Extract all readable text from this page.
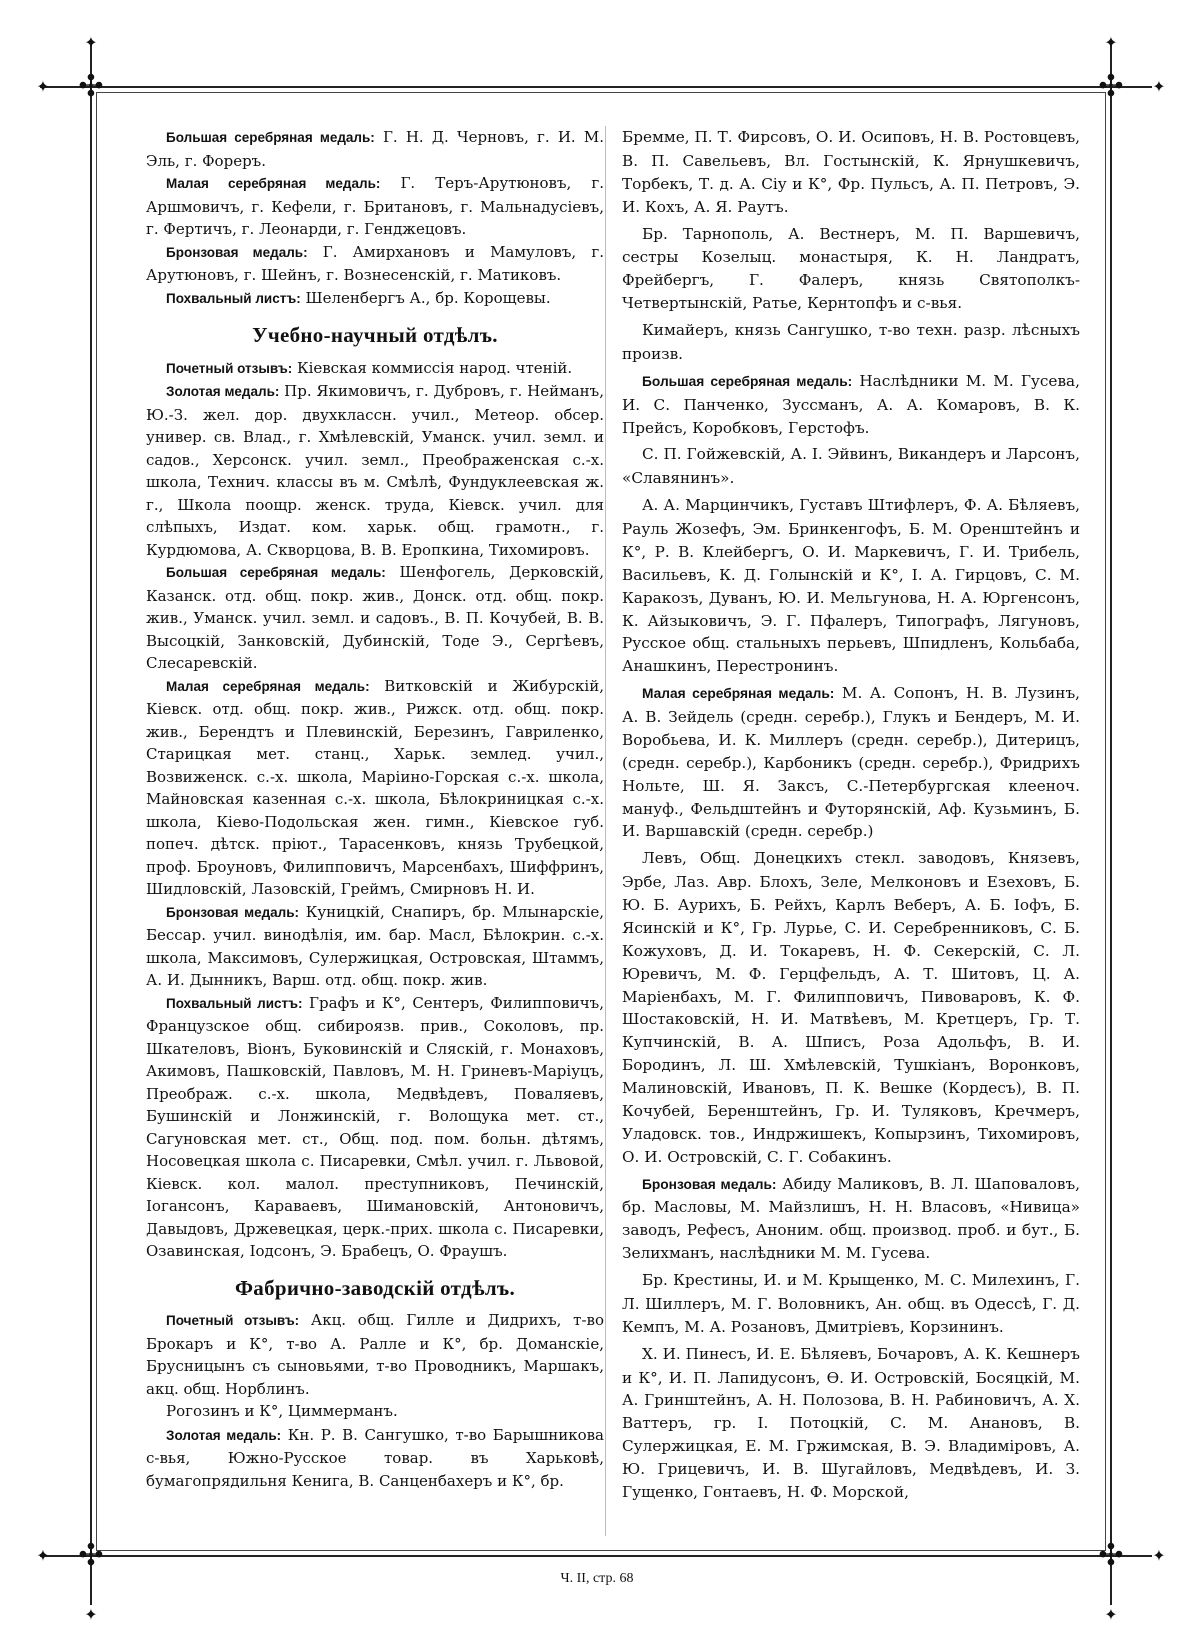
✣	✣
✣	✣
✦	✦
✦	✦
✦	✦
✦	✦

Большая серебряная медаль: Г. Н. Д. Черновъ, г. И. М. Эль, г. Фореръ.

Малая серебряная медаль: Г. Теръ-Арутюновъ, г. Аршмовичъ, г. Кефели, г. Британовъ, г. Мальнадусiевъ, г. Фертичъ, г. Леонарди, г. Генджецовъ.

Бронзовая медаль: Г. Амирхановъ и Мамуловъ, г. Арутюновъ, г. Шейнъ, г. Вознесенскiй, г. Матиковъ.

Похвальный листъ: Шеленбергъ А., бр. Корощевы.

Учебно-научный отдѣлъ.

Почетный отзывъ: Кiевская коммиссiя народ. чтенiй.

Золотая медаль: Пр. Якимовичъ, г. Дубровъ, г. Нейманъ, Ю.-З. жел. дор. двухклассн. учил., Метеор. обсер. универ. св. Влад., г. Хмѣлевскiй, Уманск. учил. земл. и садов., Херсонск. учил. земл., Преображенская с.-х. школа, Технич. классы въ м. Смѣлѣ, Фундуклеевская ж. г., Школа поощр. женск. труда, Кiевск. учил. для слѣпыхъ, Издат. ком. харьк. общ. грамотн., г. Курдюмова, А. Скворцова, В. В. Еропкина, Тихомировъ.

Большая серебряная медаль: Шенфогель, Дерковскiй, Казанск. отд. общ. покр. жив., Донск. отд. общ. покр. жив., Уманск. учил. земл. и садовъ., В. П. Кочубей, В. В. Высоцкiй, Занковскiй, Дубинскiй, Тоде Э., Сергѣевъ, Слесаревскiй.

Малая серебряная медаль: Витковскiй и Жибурскiй, Кiевск. отд. общ. покр. жив., Рижск. отд. общ. покр. жив., Берендтъ и Плевинскiй, Березинъ, Гавриленко, Старицкая мет. станц., Харьк. землед. учил., Возвиженск. с.-х. школа, Марiино-Горская с.-х. школа, Майновская казенная с.-х. школа, Бѣлокриницкая с.-х. школа, Кiево-Подольская жен. гимн., Кiевское губ. попеч. дѣтск. прiют., Тарасенковъ, князь Трубецкой, проф. Броуновъ, Филипповичъ, Марсенбахъ, Шиффринъ, Шидловскiй, Лазовскiй, Греймъ, Смирновъ Н. И.

Бронзовая медаль: Куницкiй, Снапиръ, бр. Млынарскiе, Бессар. учил. винодѣлiя, им. бар. Масл, Бѣлокрин. с.-х. школа, Максимовъ, Сулержицкая, Островская, Штаммъ, А. И. Дынникъ, Варш. отд. общ. покр. жив.

Похвальный листъ: Графъ и К°, Сентеръ, Филипповичъ, Французское общ. сибироязв. прив., Соколовъ, пр. Шкателовъ, Вiонъ, Буковинскiй и Сляскiй, г. Монаховъ, Акимовъ, Пашковскiй, Павловъ, М. Н. Гриневъ-Марiуцъ, Преображ. с.-х. школа, Медвѣдевъ, Поваляевъ, Бушинскiй и Лонжинскiй, г. Волощука мет. ст., Сагуновская мет. ст., Общ. под. пом. больн. дѣтямъ, Носовецкая школа с. Писаревки, Смѣл. учил. г. Львовой, Кiевск. кол. малол. преступниковъ, Печинскiй, Iогансонъ, Караваевъ, Шимановскiй, Антоновичъ, Давыдовъ, Држевецкая, церк.-прих. школа с. Писаревки, Озавинская, Iодсонъ, Э. Брабецъ, О. Фраушъ.

Фабрично-заводскiй отдѣлъ.

Почетный отзывъ: Акц. общ. Гилле и Дидрихъ, т-во Брокаръ и К°, т-во А. Ралле и К°, бр. Доманскiе, Брусницынъ съ сыновьями, т-во Проводникъ, Маршакъ, акц. общ. Норблинъ.

Рогозинъ и К°, Циммерманъ.

Золотая медаль: Кн. Р. В. Сангушко, т-во Барышникова с-вья, Южно-Русское товар. въ Харьковѣ, бумагопрядильня Кенига, В. Санценбахеръ и К°, бр.

Бремме, П. Т. Фирсовъ, О. И. Осиповъ, Н. В. Ростовцевъ, В. П. Савельевъ, Вл. Гостынскiй, К. Ярнушкевичъ, Торбекъ, Т. д. А. Сiу и К°, Фр. Пульсъ, А. П. Петровъ, Э. И. Кохъ, А. Я. Раутъ.

Бр. Тарнополь, А. Вестнеръ, М. П. Варшевичъ, сестры Козелыц. монастыря, К. Н. Ландратъ, Фрейбергъ, Г. Фалеръ, князь Святополкъ-Четвертынскiй, Ратье, Кернтопфъ и с-вья.

Кимайеръ, князь Сангушко, т-во техн. разр. лѣсныхъ произв.

Большая серебряная медаль: Наслѣдники М. М. Гусева, И. С. Панченко, Зуссманъ, А. А. Комаровъ, В. К. Прейсъ, Коробковъ, Герстофъ.

С. П. Гойжевскiй, А. I. Эйвинъ, Викандеръ и Ларсонъ, «Славянинъ».

А. А. Марцинчикъ, Густавъ Штифлеръ, Ф. А. Бѣляевъ, Рауль Жозефъ, Эм. Бринкенгофъ, Б. М. Оренштейнъ и К°, Р. В. Клейбергъ, О. И. Маркевичъ, Г. И. Трибель, Васильевъ, К. Д. Голынскiй и К°, I. А. Гирцовъ, С. М. Каракозъ, Дуванъ, Ю. И. Мельгунова, Н. А. Юргенсонъ, К. Айзыковичъ, Э. Г. Пфалеръ, Типографъ, Лягуновъ, Русское общ. стальныхъ перьевъ, Шпидленъ, Кольбаба, Анашкинъ, Перестронинъ.

Малая серебряная медаль: М. А. Сопонъ, Н. В. Лузинъ, А. В. Зейдель (средн. серебр.), Глукъ и Бендеръ, М. И. Воробьева, И. К. Миллеръ (средн. серебр.), Дитерицъ, (средн. серебр.), Карбоникъ (средн. серебр.), Фридрихъ Нольте, Ш. Я. Заксъ, С.-Петербургская клееноч. мануф., Фельдштейнъ и Футорянскiй, Аф. Кузьминъ, Б. И. Варшавскiй (средн. серебр.)

Левъ, Общ. Донецкихъ стекл. заводовъ, Князевъ, Эрбе, Лаз. Авр. Блохъ, Зеле, Мелконовъ и Езеховъ, Б. Ю. Б. Аурихъ, Б. Рейхъ, Карлъ Веберъ, А. Б. Iофъ, Б. Ясинскiй и К°, Гр. Лурье, С. И. Серебренниковъ, С. Б. Кожуховъ, Д. И. Токаревъ, Н. Ф. Секерскiй, С. Л. Юревичъ, М. Ф. Герцфельдъ, А. Т. Шитовъ, Ц. А. Марiенбахъ, М. Г. Филипповичъ, Пивоваровъ, К. Ф. Шостаковскiй, Н. И. Матвѣевъ, М. Кретцеръ, Гр. Т. Купчинскiй, В. А. Шписъ, Роза Адольфъ, В. И. Бородинъ, Л. Ш. Хмѣлевскiй, Тушкiанъ, Воронковъ, Малиновскiй, Ивановъ, П. К. Вешке (Кордесъ), В. П. Кочубей, Беренштейнъ, Гр. И. Туляковъ, Кречмеръ, Уладовск. тов., Индржишекъ, Копырзинъ, Тихомировъ, О. И. Островскiй, С. Г. Собакинъ.

Бронзовая медаль: Абиду Маликовъ, В. Л. Шаповаловъ, бр. Масловы, М. Майзлишъ, Н. Н. Власовъ, «Нивица» заводъ, Рефесъ, Аноним. общ. производ. проб. и бут., Б. Зелихманъ, наслѣдники М. М. Гусева.

Бр. Крестины, И. и М. Крыщенко, М. С. Милехинъ, Г. Л. Шиллеръ, М. Г. Воловникъ, Ан. общ. въ Одессѣ, Г. Д. Кемпъ, М. А. Розановъ, Дмитрiевъ, Корзининъ.

Х. И. Пинесъ, И. Е. Бѣляевъ, Бочаровъ, А. К. Кешнеръ и К°, И. П. Лапидусонъ, Ѳ. И. Островскiй, Босяцкiй, М. А. Гринштейнъ, А. Н. Полозова, В. Н. Рабиновичъ, А. Х. Ваттеръ, гр. I. Потоцкiй, С. М. Анановъ, В. Сулержицкая, Е. М. Гржимская, В. Э. Владимiровъ, А. Ю. Грицевичъ, И. В. Шугайловъ, Медвѣдевъ, И. З. Гущенко, Гонтаевъ, Н. Ф. Морской,

Ч. II, стр. 68
